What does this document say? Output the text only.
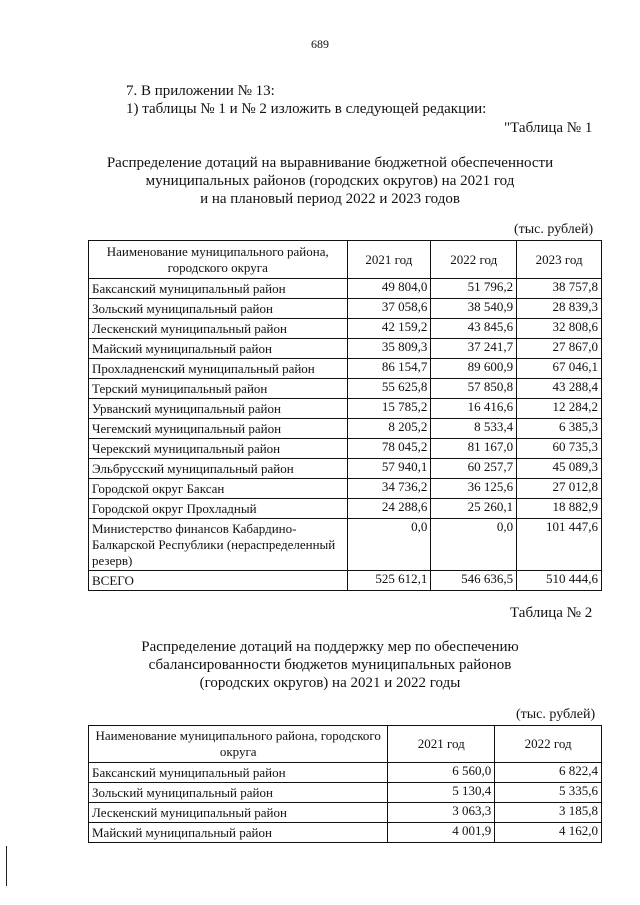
689
7. В приложении № 13:
1) таблицы № 1 и № 2 изложить в следующей редакции:
"Таблица № 1
Распределение дотаций на выравнивание бюджетной обеспеченности
муниципальных районов (городских округов) на 2021 год
и на плановый период 2022 и 2023 годов
(тыс. рублей)
Наименование муниципального района, городского округа	2021 год	2022 год	2023 год
Баксанский муниципальный район	49 804,0	51 796,2	38 757,8
Зольский муниципальный район	37 058,6	38 540,9	28 839,3
Лескенский муниципальный район	42 159,2	43 845,6	32 808,6
Майский муниципальный район	35 809,3	37 241,7	27 867,0
Прохладненский муниципальный район	86 154,7	89 600,9	67 046,1
Терский муниципальный район	55 625,8	57 850,8	43 288,4
Урванский муниципальный район	15 785,2	16 416,6	12 284,2
Чегемский муниципальный район	8 205,2	8 533,4	6 385,3
Черекский муниципальный район	78 045,2	81 167,0	60 735,3
Эльбрусский муниципальный район	57 940,1	60 257,7	45 089,3
Городской округ Баксан	34 736,2	36 125,6	27 012,8
Городской округ Прохладный	24 288,6	25 260,1	18 882,9
Министерство финансов Кабардино-Балкарской Республики (нераспределенный резерв)	0,0	0,0	101 447,6
ВСЕГО	525 612,1	546 636,5	510 444,6
Таблица № 2
Распределение дотаций на поддержку мер по обеспечению
сбалансированности бюджетов муниципальных районов
(городских округов) на 2021 и 2022 годы
(тыс. рублей)
Наименование муниципального района, городского округа	2021 год	2022 год
Баксанский муниципальный район	6 560,0	6 822,4
Зольский муниципальный район	5 130,4	5 335,6
Лескенский муниципальный район	3 063,3	3 185,8
Майский муниципальный район	4 001,9	4 162,0
